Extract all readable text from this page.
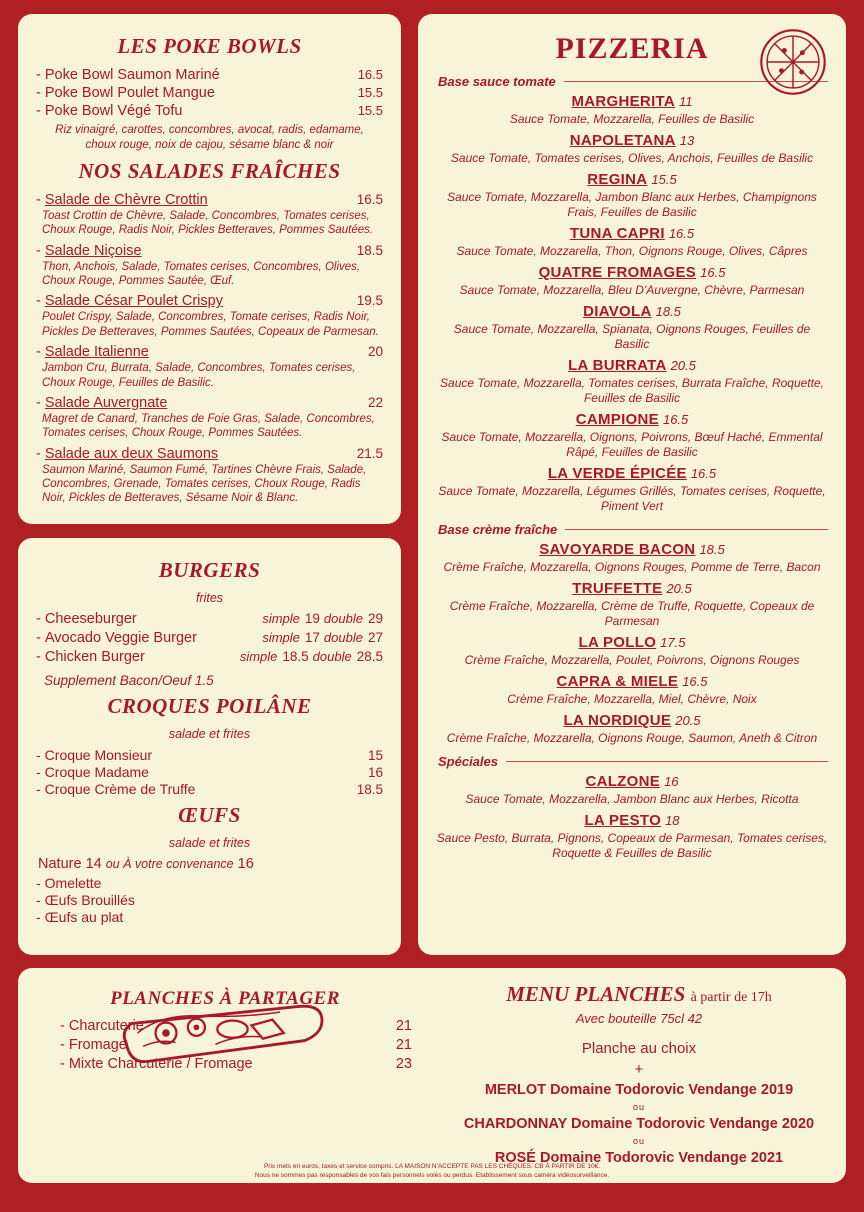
LES POKE BOWLS
- Poke Bowl Saumon Mariné	16.5
- Poke Bowl Poulet Mangue	15.5
- Poke Bowl Végé Tofu	15.5
Riz vinaigré, carottes, concombres, avocat, radis, edamame, choux rouge, noix de cajou, sésame blanc & noir
NOS SALADES FRAÎCHES
- Salade de Chèvre Crottin	16.5
Toast Crottin de Chèvre, Salade, Concombres, Tomates cerises, Choux Rouge, Radis Noir, Pickles Betteraves, Pommes Sautées.
- Salade Niçoise	18.5
Thon, Anchois, Salade, Tomates cerises, Concombres, Olives, Choux Rouge, Pommes Sautée, Œuf.
- Salade César Poulet Crispy	19.5
Poulet Crispy, Salade, Concombres, Tomate cerises, Radis Noir, Pickles De Betteraves, Pommes Sautées, Copeaux de Parmesan.
- Salade Italienne	20
Jambon Cru, Burrata, Salade, Concombres, Tomates cerises, Choux Rouge, Feuilles de Basilic.
- Salade Auvergnate	22
Magret de Canard, Tranches de Foie Gras, Salade, Concombres, Tomates cerises, Choux Rouge, Pommes Sautées.
- Salade aux deux Saumons	21.5
Saumon Mariné, Saumon Fumé, Tartines Chèvre Frais, Salade, Concombres, Grenade, Tomates cerises, Choux Rouge, Radis Noir, Pickles de Betteraves, Sésame Noir & Blanc.
BURGERS
frites
- Cheeseburger	simple 19 double 29
- Avocado Veggie Burger	simple 17 double 27
- Chicken Burger	simple 18.5 double 28.5
Supplement Bacon/Oeuf 1.5
CROQUES POILÂNE
salade et frites
- Croque Monsieur	15
- Croque Madame	16
- Croque Crème de Truffe	18.5
ŒUFS
salade et frites
Nature 14 ou À votre convenance 16
- Omelette
- Œufs Brouillés
- Œufs au plat
PIZZERIA
Base sauce tomate
MARGHERITA 11
Sauce Tomate, Mozzarella, Feuilles de Basilic
NAPOLETANA 13
Sauce Tomate, Tomates cerises, Olives, Anchois, Feuilles de Basilic
REGINA 15.5
Sauce Tomate, Mozzarella, Jambon Blanc aux Herbes, Champignons Frais, Feuilles de Basilic
TUNA CAPRI 16.5
Sauce Tomate, Mozzarella, Thon, Oignons Rouge, Olives, Câpres
QUATRE FROMAGES 16.5
Sauce Tomate, Mozzarella, Bleu D'Auvergne, Chèvre, Parmesan
DIAVOLA 18.5
Sauce Tomate, Mozzarella, Spianata, Oignons Rouges, Feuilles de Basilic
LA BURRATA 20.5
Sauce Tomate, Mozzarella, Tomates cerises, Burrata Fraîche, Roquette, Feuilles de Basilic
CAMPIONE 16.5
Sauce Tomate, Mozzarella, Oignons, Poivrons, Bœuf Haché, Emmental Râpé, Feuilles de Basilic
LA VERDE ÉPICÉE 16.5
Sauce Tomate, Mozzarella, Légumes Grillés, Tomates cerises, Roquette, Piment Vert
Base crème fraîche
SAVOYARDE BACON 18.5
Crème Fraîche, Mozzarella, Oignons Rouges, Pomme de Terre, Bacon
TRUFFETTE 20.5
Crème Fraîche, Mozzarella, Crème de Truffe, Roquette, Copeaux de Parmesan
LA POLLO 17.5
Crème Fraîche, Mozzarella, Poulet, Poivrons, Oignons Rouges
CAPRA & MIELE 16.5
Crème Fraîche, Mozzarella, Miel, Chèvre, Noix
LA NORDIQUE 20.5
Crème Fraîche, Mozzarella, Oignons Rouge, Saumon, Aneth & Citron
Spéciales
CALZONE 16
Sauce Tomate, Mozzarella, Jambon Blanc aux Herbes, Ricotta
LA PESTO 18
Sauce Pesto, Burrata, Pignons, Copeaux de Parmesan, Tomates cerises, Roquette & Feuilles de Basilic
PLANCHES À PARTAGER
- Charcuterie	21
- Fromage	21
- Mixte Charcuterie / Fromage	23
MENU PLANCHES à partir de 17h
Avec bouteille 75cl 42
Planche au choix
+
MERLOT Domaine Todorovic Vendange 2019
ou
CHARDONNAY Domaine Todorovic Vendange 2020
ou
ROSÉ Domaine Todorovic Vendange 2021
Prix mets en euros, taxes et service compris. LA MAISON N'ACCEPTE PAS LES CHÈQUES. CB À PARTIR DE 10€.
Nous ne sommes pas responsables de vos fais personnels volés ou perdus. Etablissement sous caméra vidéosurveillance.
